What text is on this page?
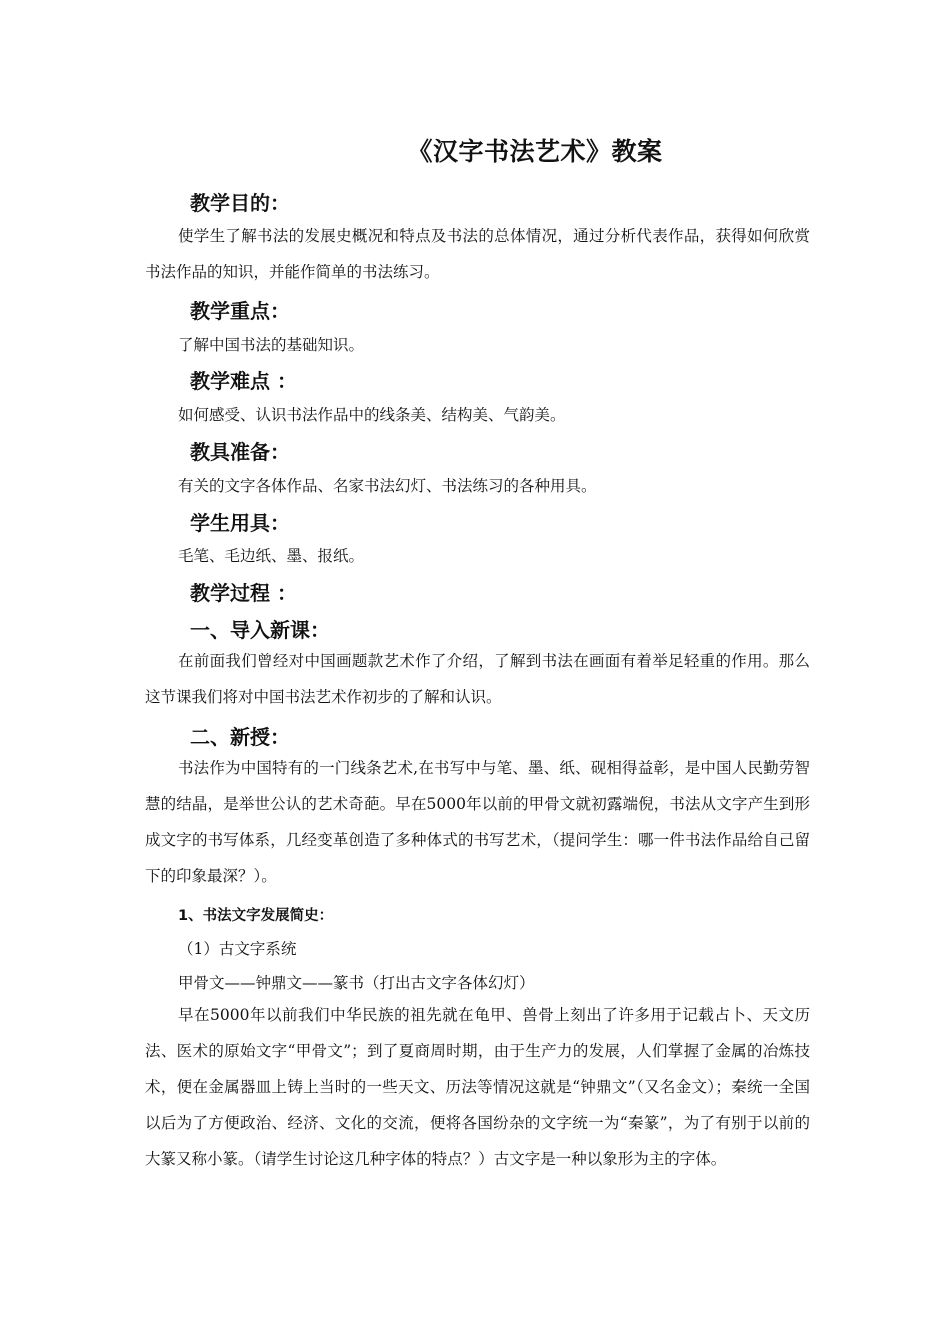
《汉字书法艺术》教案
教学目的：
使学生了解书法的发展史概况和特点及书法的总体情况，通过分析代表作品，获得如何欣赏书法作品的知识，并能作简单的书法练习。
教学重点：
了解中国书法的基础知识。
教学难点 ：
如何感受、认识书法作品中的线条美、结构美、气韵美。
教具准备：
有关的文字各体作品、名家书法幻灯、书法练习的各种用具。
学生用具：
毛笔、毛边纸、墨、报纸。
教学过程 ：
一、导入新课：
在前面我们曾经对中国画题款艺术作了介绍，了解到书法在画面有着举足轻重的作用。那么这节课我们将对中国书法艺术作初步的了解和认识。
二、新授：
书法作为中国特有的一门线条艺术,在书写中与笔、墨、纸、砚相得益彰，是中国人民勤劳智慧的结晶，是举世公认的艺术奇葩。早在5000年以前的甲骨文就初露端倪，书法从文字产生到形成文字的书写体系，几经变革创造了多种体式的书写艺术，（提问学生：哪一件书法作品给自己留下的印象最深？）。
1、书法文字发展简史：
（1）古文字系统
甲骨文——钟鼎文——篆书（打出古文字各体幻灯）
早在5000年以前我们中华民族的祖先就在龟甲、兽骨上刻出了许多用于记载占卜、天文历法、医术的原始文字“甲骨文”；到了夏商周时期，由于生产力的发展，人们掌握了金属的冶炼技术，便在金属器皿上铸上当时的一些天文、历法等情况这就是“钟鼎文”（又名金文）；秦统一全国以后为了方便政治、经济、文化的交流，便将各国纷杂的文字统一为“秦篆”，为了有别于以前的大篆又称小篆。（请学生讨论这几种字体的特点？）古文字是一种以象形为主的字体。
